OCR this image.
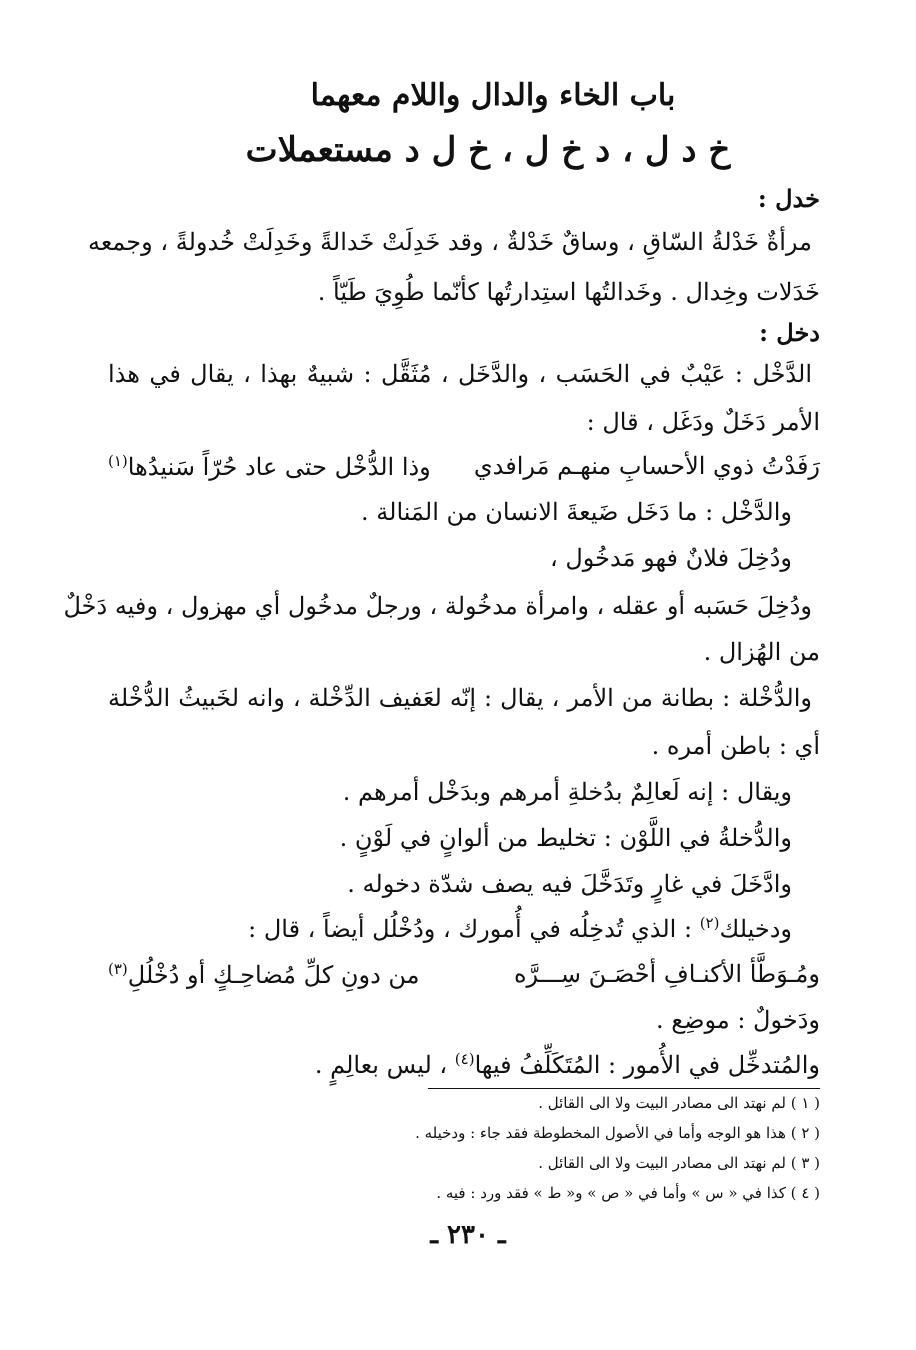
باب الخاء والدال واللام معهما
خ د ل ، د خ ل ، خ ل د مستعملات
خدل :
مرأةٌ خَدْلةُ السّاقِ ، وساقٌ خَدْلةٌ ، وقد خَدِلَتْ خَدالةً وخَدِلَتْ خُدولةً ، وجمعه
خَدَلات وخِدال . وخَدالتُها استِدارتُها كأنّما طُوِيَ طَيّاً .
دخل :
الدَّخْل : عَيْبٌ في الحَسَب ، والدَّخَل ، مُثَقَّل : شبيهٌ بهذا ، يقال في هذا
الأمر دَخَلٌ ودَغَل ، قال :
رَفَدْتُ ذوي الأحسابِ منهـم مَرافدي
وذا الدُّخْل حتى عاد حُرّاً سَنيدُها$^{(١)}$
والدَّخْل : ما دَخَل ضَيعةَ الانسان من المَنالة .
ودُخِلَ فلانٌ فهو مَدخُول ،
ودُخِلَ حَسَبه أو عقله ، وامرأة مدخُولة ، ورجلٌ مدخُول أي مهزول ، وفيه دَخْلٌ
من الهُزال .
والدُّخْلة : بطانة من الأمر ، يقال : إنّه لعَفيف الدِّخْلة ، وانه لخَبيثُ الدُّخْلة
أي : باطن أمره .
ويقال : إنه لَعالِمٌ بدُخلةِ أمرهم وبدَخْل أمرهم .
والدُّخلةُ في اللَّوْن : تخليط من ألوانٍ في لَوْنٍ .
وادَّخَلَ في غارٍ وتَدَخَّلَ فيه يصف شدّة دخوله .
ودخيلك$^{(٢)}$ : الذي تُدخِلُه في أُمورك ، ودُخْلُل أيضاً ، قال :
ومُـوَطَّأ الأكنـافِ أحْصَـنَ سِـــرَّه
من دونِ كلِّ مُضاحِـكٍ أو دُخْلُلِ$^{(٣)}$
ودَخولٌ : موضِع .
والمُتدخِّل في الأُمور : المُتَكَلِّفُ فيها$^{(٤)}$ ، ليس بعالِمٍ .
( ١ ) لم نهتد الى مصادر البيت ولا الى القائل .
( ٢ ) هذا هو الوجه وأما في الأصول المخطوطة فقد جاء : ودخيله .
( ٣ ) لم نهتد الى مصادر البيت ولا الى القائل .
( ٤ ) كذا في « س » وأما في « ص » و« ط » فقد ورد : فيه .
ـ ٢٣٠ ـ
